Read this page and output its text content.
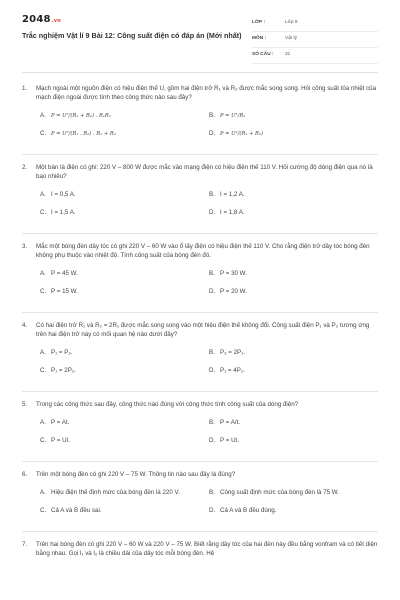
2048.vn
Trắc nghiệm Vật lí 9 Bài 12: Công suất điện có đáp án (Mới nhất)
LỚP :	Lớp 9
MÔN :	Vật lý
SỐ CÂU :	31
1.	Mạch ngoài một nguồn điện có hiệu điện thế U, gồm hai điện trở R₁ và R₂ được mắc song song. Hỏi công suất tỏa nhiệt của mạch điện ngoài được tính theo công thức nào sau đây?
A. P = U²/(R₁ + R₂) . R₁R₂	B. P = U²/R₁
C. P = U²/(R₁ . R₂) . R₁ + R₂	D. P = U²/(R₁ + R₂)
2.	Một bàn là điện có ghi: 220 V – 800 W được mắc vào mạng điện có hiệu điện thế 110 V. Hỏi cường độ dòng điện qua nó là bao nhiêu?
A. I = 0,5 A.	B. I = 1,2 A.
C. I = 1,5 A.	D. I = 1,8 A.
3.	Mắc một bóng đèn dây tóc có ghi 220 V – 60 W vào ổ lấy điện có hiệu điện thế 110 V. Cho rằng điện trở dây tóc bóng đèn không phụ thuộc vào nhiệt độ. Tính công suất của bóng đèn đó.
A. P = 45 W.	B. P = 30 W.
C. P = 15 W.	D. P = 20 W.
4.	Có hai điện trở R₁ và R₂ = 2R₁ được mắc song song vào một hiệu điện thế không đổi. Công suất điện P₁ và P₂ tương ứng trên hai điện trở này có mối quan hệ nào dưới đây?
A. P₁ = P₂.	B. P₂ = 2P₁.
C. P₁ = 2P₂.	D. P₁ = 4P₂.
5.	Trong các công thức sau đây, công thức nào đúng với công thức tính công suất của dòng điện?
A. P = At.	B. P = A/t.
C. P = UI.	D. P = Ut.
6.	Trên một bóng đèn có ghi 220 V – 75 W. Thông tin nào sau đây là đúng?
A. Hiệu điện thế định mức của bóng đèn là 220 V.	B. Công suất định mức của bóng đèn là 75 W.
C. Cả A và B đều sai.	D. Cả A và B đều đúng.
7.	Trên hai bóng đèn có ghi 220 V – 60 W và 220 V – 75 W. Biết rằng dây tóc của hai đèn này đều bằng vonfram và có tiết diện bằng nhau. Gọi l₁ và l₂ là chiều dài của dây tóc mỗi bóng đèn. Hệ
